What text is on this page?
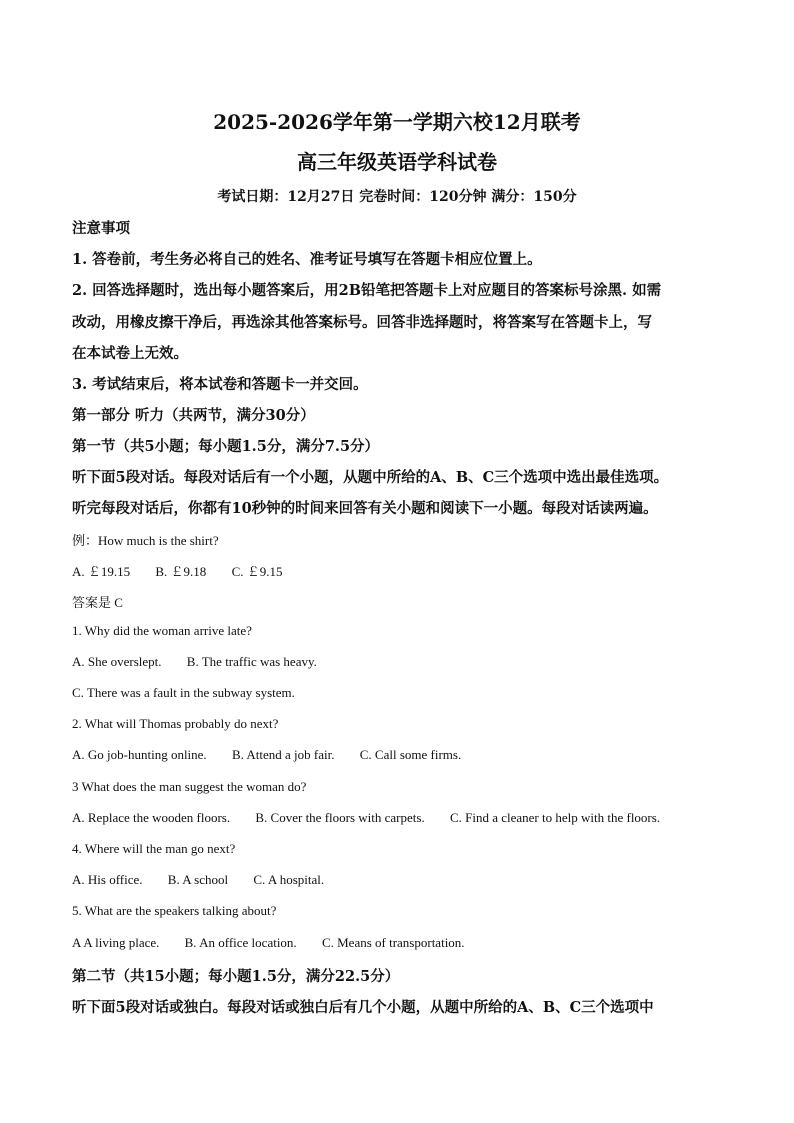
2025-2026学年第一学期六校12月联考
高三年级英语学科试卷
考试日期：12月27日 完卷时间：120分钟 满分：150分
注意事项
1. 答卷前，考生务必将自己的姓名、准考证号填写在答题卡相应位置上。
2. 回答选择题时，选出每小题答案后，用2B铅笔把答题卡上对应题目的答案标号涂黑. 如需
改动，用橡皮擦干净后，再选涂其他答案标号。回答非选择题时，将答案写在答题卡上，写
在本试卷上无效。
3. 考试结束后，将本试卷和答题卡一并交回。
第一部分 听力（共两节，满分30分）
第一节（共5小题；每小题1.5分，满分7.5分）
听下面5段对话。每段对话后有一个小题，从题中所给的A、B、C三个选项中选出最佳选项。
听完每段对话后，你都有10秒钟的时间来回答有关小题和阅读下一小题。每段对话读两遍。
例：How much is the shirt?
A. ￡19.15 B. ￡9.18 C. ￡9.15
答案是 C
1. Why did the woman arrive late?
A. She overslept. B. The traffic was heavy.
C. There was a fault in the subway system.
2. What will Thomas probably do next?
A. Go job-hunting online. B. Attend a job fair. C. Call some firms.
3 What does the man suggest the woman do?
A. Replace the wooden floors. B. Cover the floors with carpets. C. Find a cleaner to help with the floors.
4. Where will the man go next?
A. His office. B. A school C. A hospital.
5. What are the speakers talking about?
A A living place. B. An office location. C. Means of transportation.
第二节（共15小题；每小题1.5分，满分22.5分）
听下面5段对话或独白。每段对话或独白后有几个小题，从题中所给的A、B、C三个选项中
